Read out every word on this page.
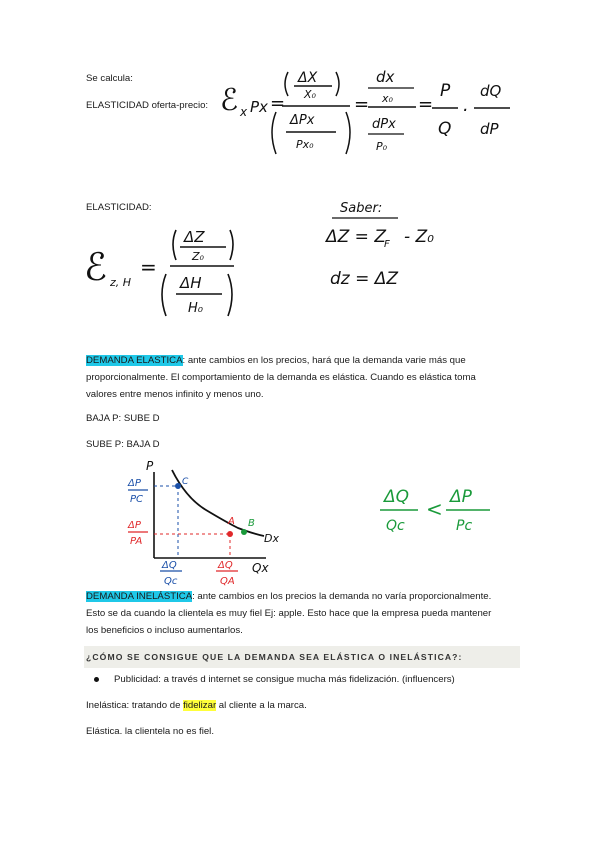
Se calcula:
ELASTICIDAD oferta-precio: ℰ x Px =
ΔX
X₀
ΔPx
Px₀
=
dx
x₀
dPx
P₀
=
P
Q
·
dQ
dP
ELASTICIDAD:
ℰ z, H
=
ΔZ
Z₀
ΔH
H₀
Saber:
ΔZ = Z
F - Z₀
dz = ΔZ
DEMANDA ELASTICA: ante cambios en los precios, hará que la demanda varie más que
proporcionalmente. El comportamiento de la demanda es elástica. Cuando es elástica toma
valores entre menos infinito y menos uno.
BAJA P: SUBE D
SUBE P: BAJA D
P
C
A B
Dx
ΔP
PC
ΔP
PA
ΔQ
Qc
ΔQ
QA
Qx
ΔQ
Qc
< ΔP
Pc
DEMANDA INELÁSTICA: ante cambios en los precios la demanda no varía proporcionalmente.
Esto se da cuando la clientela es muy fiel Ej: apple. Esto hace que la empresa pueda mantener
los beneficios o incluso aumentarlos.
¿CÓMO SE CONSIGUE QUE LA DEMANDA SEA ELÁSTICA O INELÁSTICA?:
Publicidad: a través d internet se consigue mucha más fidelización. (influencers)
Inelástica: tratando de fidelizar al cliente a la marca.
Elástica. la clientela no es fiel.
